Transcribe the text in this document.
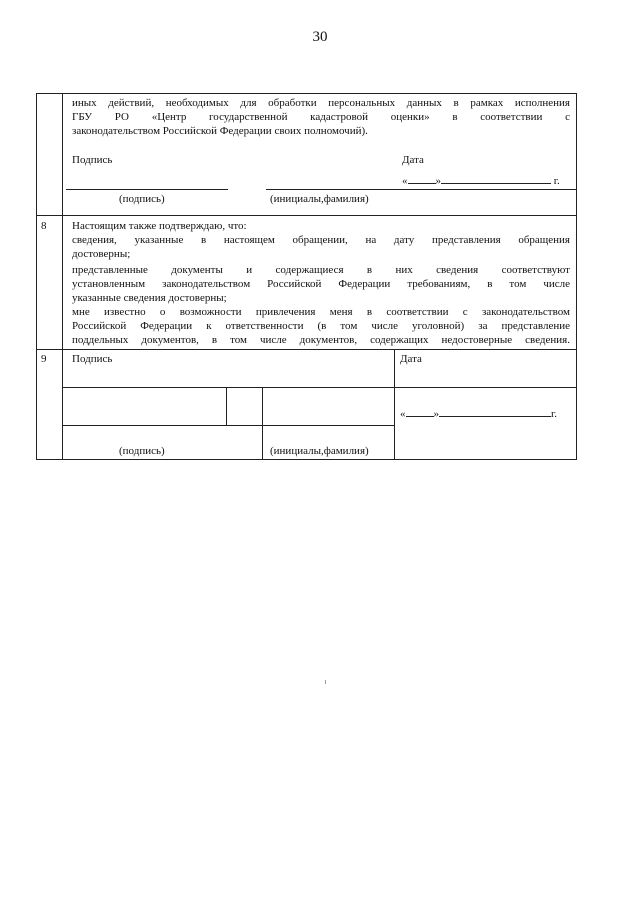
30
иных действий, необходимых для обработки персональных данных в рамках исполнения
ГБУ РО «Центр государственной кадастровой оценки» в соответствии с
законодательством Российской Федерации своих полномочий).
Подпись	Дата
«	»	г.
(подпись)	(инициалы,фамилия)
8 Настоящим также подтверждаю, что:
сведения, указанные в настоящем обращении, на дату представления обращения
достоверны;
представленные документы и содержащиеся в них сведения соответствуют
установленным законодательством Российской Федерации требованиям, в том числе
указанные сведения достоверны;
мне известно о возможности привлечения меня в соответствии с законодательством
Российской Федерации к ответственности (в том числе уголовной) за представление
поддельных документов, в том числе документов, содержащих недостоверные сведения.
9 Подпись	Дата
«	»	г.
(подпись)	(инициалы,фамилия)
